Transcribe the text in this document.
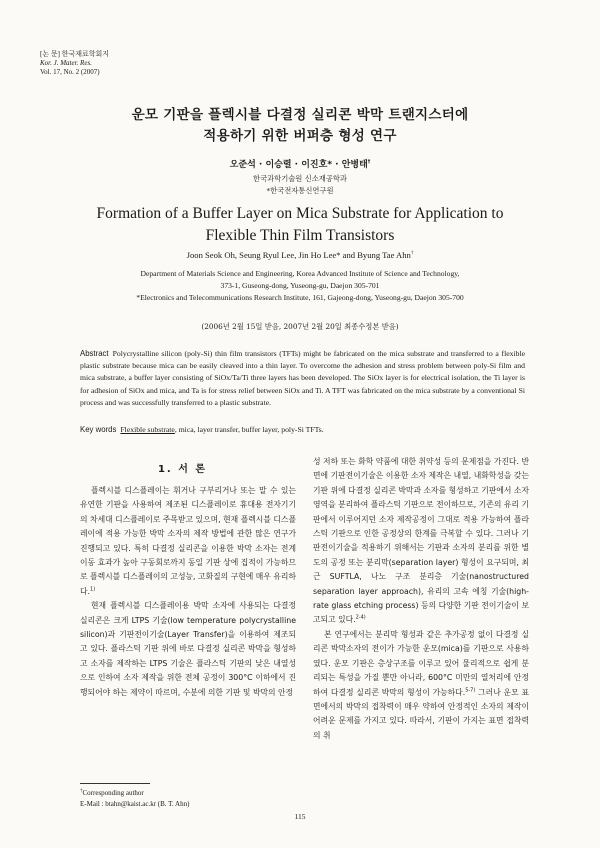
[논 문] 한국재료학회지
Kor. J. Mater. Res.
Vol. 17, No. 2 (2007)
운모 기판을 플렉시블 다결정 실리콘 박막 트랜지스터에
적용하기 위한 버퍼층 형성 연구
오준석 · 이승렬 · 이진호* · 안병태†
한국과학기술원 신소재공학과
*한국전자통신연구원
Formation of a Buffer Layer on Mica Substrate for Application to
Flexible Thin Film Transistors
Joon Seok Oh, Seung Ryul Lee, Jin Ho Lee* and Byung Tae Ahn†
Department of Materials Science and Engineering, Korea Advanced Institute of Science and Technology,
373-1, Guseong-dong, Yuseong-gu, Daejon 305-701
*Electronics and Telecommunications Research Institute, 161, Gajeong-dong, Yuseong-gu, Daejon 305-700
(2006년 2월 15일 받음, 2007년 2월 20일 최종수정본 받음)
Abstract Polycrystalline silicon (poly-Si) thin film transistors (TFTs) might be fabricated on the mica substrate and transferred to a flexible plastic substrate because mica can be easily cleaved into a thin layer. To overcome the adhesion and stress problem between poly-Si film and mica substrate, a buffer layer consisting of SiOx/Ta/Ti three layers has been developed. The SiOx layer is for electrical isolation, the Ti layer is for adhesion of SiOx and mica, and Ta is for stress relief between SiOx and Ti. A TFT was fabricated on the mica substrate by a conventional Si process and was successfully transferred to a plastic substrate.
Key words Flexible substrate, mica, layer transfer, buffer layer, poly-Si TFTs.
1. 서 론

플렉시블 디스플레이는 휘거나 구부리거나 또는 말 수 있는 유연한 기판을 사용하여 제조된 디스플레이로 휴대용 전자기기의 차세대 디스플레이로 주목받고 있으며, 현재 플렉시블 디스플레이에 적용 가능한 박막 소자의 제작 방법에 관한 많은 연구가 진행되고 있다. 특히 다결정 실리콘을 이용한 박막 소자는 전계 이동 효과가 높아 구동회로까지 동일 기판 상에 집적이 가능하므로 플렉시블 디스플레이의 고성능, 고화질의 구현에 매우 유리하다.$^{1)}$

현재 플렉시블 디스플레이용 박막 소자에 사용되는 다결정 실리콘은 크게 LTPS 기술(low temperature polycrystalline silicon)과 기판전이기술(Layer Transfer)을 이용하여 제조되고 있다. 플라스틱 기판 위에 바로 다결정 실리콘 박막을 형성하고 소자를 제작하는 LTPS 기술은 플라스틱 기판의 낮은 내열성으로 인하여 소자 제작을 위한 전체 공정이 300°C 이하에서 진행되어야 하는 제약이 따르며, 수분에 의한 기판 및 박막의 안정

성 저하 또는 화학 약품에 대한 취약성 등의 문제점을 가진다. 반면에 기판전이기술은 이용한 소자 제작은 내열, 내화학성을 갖는 기판 위에 다결정 실리콘 박막과 소자를 형성하고 기판에서 소자영역을 분리하여 플라스틱 기판으로 전이하므로, 기존의 유리 기판에서 이루어지던 소자 제작공정이 그대로 적용 가능하여 플라스틱 기판으로 인한 공정상의 한계를 극복할 수 있다. 그러나 기판전이기술을 적용하기 위해서는 기판과 소자의 분리를 위한 별도의 공정 또는 분리막(separation layer) 형성이 요구되며, 최근 SUFTLA, 나노 구조 분리층 기술(nanostructured separation layer approach), 유리의 고속 에칭 기술(high-rate glass etching process) 등의 다양한 기판 전이기술이 보고되고 있다.$^{2-4)}$

본 연구에서는 분리막 형성과 같은 추가공정 없이 다결정 실리콘 박막소자의 전이가 가능한 운모(mica)를 기판으로 사용하였다. 운모 기판은 층상구조를 이루고 있어 물리적으로 쉽게 분리되는 특성을 가질 뿐만 아니라, 600°C 미만의 열처리에 안정하여 다결정 실리콘 박막의 형성이 가능하다.$^{5-7)}$ 그러나 운모 표면에서의 박막의 접착력이 매우 약하여 안정적인 소자의 제작이 어려운 문제를 가지고 있다. 따라서, 기판이 가지는 표면 접착력의 취

†Corresponding author
E-Mail : btahn@kaist.ac.kr (B. T. Ahn)
115
